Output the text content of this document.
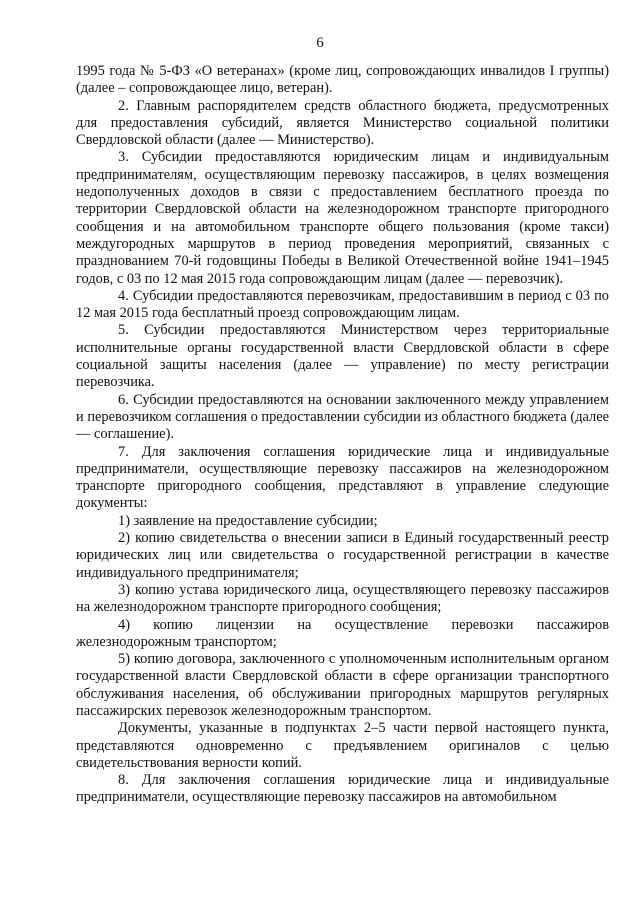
6

1995 года № 5-ФЗ «О ветеранах» (кроме лиц, сопровождающих инвалидов I группы) (далее – сопровождающее лицо, ветеран).

2. Главным распорядителем средств областного бюджета, предусмотренных для предоставления субсидий, является Министерство социальной политики Свердловской области (далее — Министерство).

3. Субсидии предоставляются юридическим лицам и индивидуальным предпринимателям, осуществляющим перевозку пассажиров, в целях возмещения недополученных доходов в связи с предоставлением бесплатного проезда по территории Свердловской области на железнодорожном транспорте пригородного сообщения и на автомобильном транспорте общего пользования (кроме такси) междугородных маршрутов в период проведения мероприятий, связанных с празднованием 70-й годовщины Победы в Великой Отечественной войне 1941–1945 годов, с 03 по 12 мая 2015 года сопровождающим лицам (далее — перевозчик).

4. Субсидии предоставляются перевозчикам, предоставившим в период с 03 по 12 мая 2015 года бесплатный проезд сопровождающим лицам.

5. Субсидии предоставляются Министерством через территориальные исполнительные органы государственной власти Свердловской области в сфере социальной защиты населения (далее — управление) по месту регистрации перевозчика.

6. Субсидии предоставляются на основании заключенного между управлением и перевозчиком соглашения о предоставлении субсидии из областного бюджета (далее — соглашение).

7. Для заключения соглашения юридические лица и индивидуальные предприниматели, осуществляющие перевозку пассажиров на железнодорожном транспорте пригородного сообщения, представляют в управление следующие документы:

1) заявление на предоставление субсидии;

2) копию свидетельства о внесении записи в Единый государственный реестр юридических лиц или свидетельства о государственной регистрации в качестве индивидуального предпринимателя;

3) копию устава юридического лица, осуществляющего перевозку пассажиров на железнодорожном транспорте пригородного сообщения;

4) копию лицензии на осуществление перевозки пассажиров железнодорожным транспортом;

5) копию договора, заключенного с уполномоченным исполнительным органом государственной власти Свердловской области в сфере организации транспортного обслуживания населения, об обслуживании пригородных маршрутов регулярных пассажирских перевозок железнодорожным транспортом.

Документы, указанные в подпунктах 2–5 части первой настоящего пункта, представляются одновременно с предъявлением оригиналов с целью свидетельствования верности копий.

8. Для заключения соглашения юридические лица и индивидуальные предприниматели, осуществляющие перевозку пассажиров на автомобильном
